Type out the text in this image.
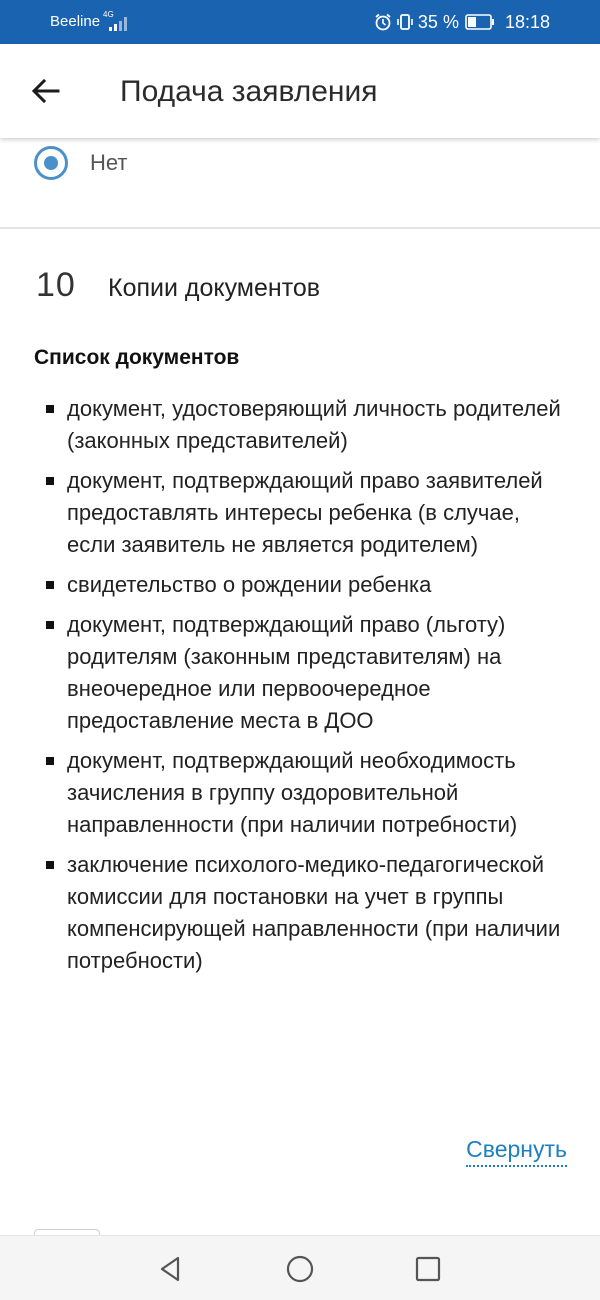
Beeline 4G	35 %	18:18
Подача заявления
Нет
10	Копии документов
Список документов
документ, удостоверяющий личность родителей (законных представителей)
документ, подтверждающий право заявителей предоставлять интересы ребенка (в случае, если заявитель не является родителем)
свидетельство о рождении ребенка
документ, подтверждающий право (льготу) родителям (законным представителям) на внеочередное или первоочередное предоставление места в ДОО
документ, подтверждающий необходимость зачисления в группу оздоровительной направленности (при наличии потребности)
заключение психолого-медико-педагогической комиссии для постановки на учет в группы компенсирующей направленности (при наличии потребности)
Свернуть
